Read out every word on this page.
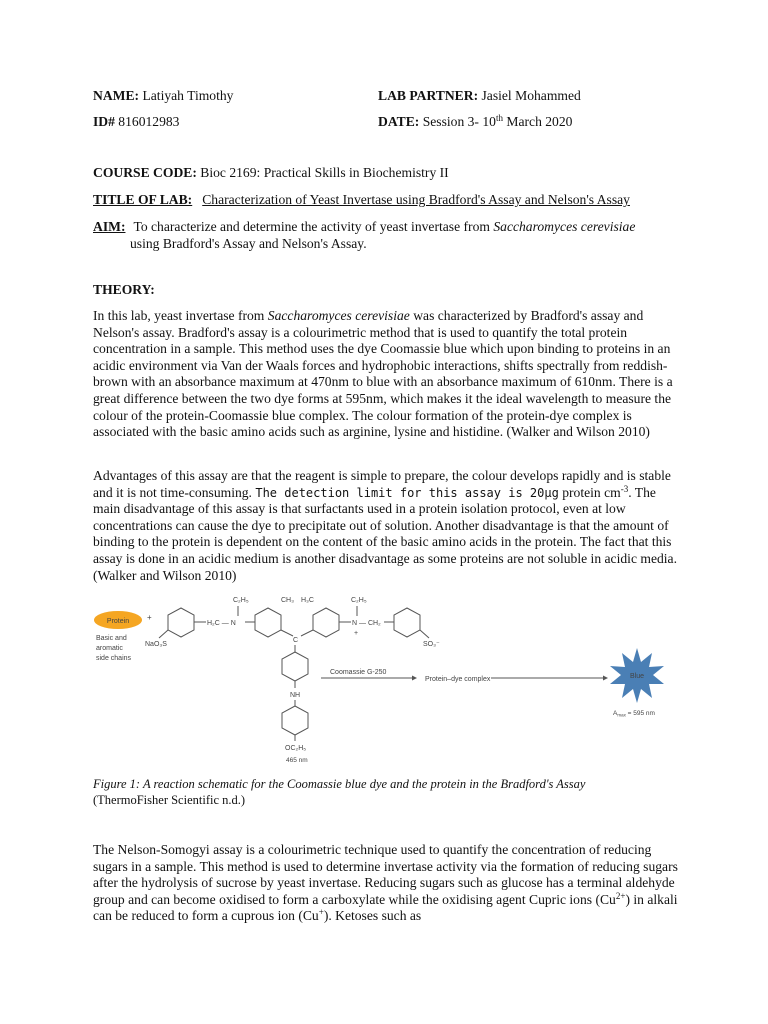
NAME: Latiyah Timothy	LAB PARTNER: Jasiel Mohammed
ID# 816012983	DATE: Session 3- 10th March 2020
COURSE CODE: Bioc 2169: Practical Skills in Biochemistry II
TITLE OF LAB: Characterization of Yeast Invertase using Bradford's Assay and Nelson's Assay
AIM: To characterize and determine the activity of yeast invertase from Saccharomyces cerevisiae
using Bradford's Assay and Nelson's Assay.
THEORY:
In this lab, yeast invertase from Saccharomyces cerevisiae was characterized by Bradford's assay and Nelson's assay. Bradford's assay is a colourimetric method that is used to quantify the total protein concentration in a sample. This method uses the dye Coomassie blue which upon binding to proteins in an acidic environment via Van der Waals forces and hydrophobic interactions, shifts spectrally from reddish-brown with an absorbance maximum at 470nm to blue with an absorbance maximum of 610nm. There is a great difference between the two dye forms at 595nm, which makes it the ideal wavelength to measure the colour of the protein-Coomassie blue complex. The colour formation of the protein-dye complex is associated with the basic amino acids such as arginine, lysine and histidine. (Walker and Wilson 2010)
Advantages of this assay are that the reagent is simple to prepare, the colour develops rapidly and is stable and it is not time-consuming. The detection limit for this assay is 20μg protein $cm^{-3}$. The main disadvantage of this assay is that surfactants used in a protein isolation protocol, even at low concentrations can cause the dye to precipitate out of solution. Another disadvantage is that the amount of binding to the protein is dependent on the content of the basic amino acids in the protein. The fact that this assay is done in an acidic medium is another disadvantage as some proteins are not soluble in acidic media. (Walker and Wilson 2010)
Protein
Basic and
aromatic
side chains
+
NaO₃S
H₂C — N
C₂H₅	CH₃
C
H₃C	C₂H₅
N — CH₂
+
SO₃⁻
NH
OC₂H₅
465 nm
Coomassie G-250
Protein–dye complex	Blue
$A_{max} = 595$ nm
Figure 1: A reaction schematic for the Coomassie blue dye and the protein in the Bradford's Assay
(ThermoFisher Scientific n.d.)
The Nelson-Somogyi assay is a colourimetric technique used to quantify the concentration of reducing sugars in a sample. This method is used to determine invertase activity via the formation of reducing sugars after the hydrolysis of sucrose by yeast invertase. Reducing sugars such as glucose has a terminal aldehyde group and can become oxidised to form a carboxylate while the oxidising agent Cupric ions $(Cu^{2+})$ in alkali can be reduced to form a cuprous ion (Cu+). Ketoses such as
